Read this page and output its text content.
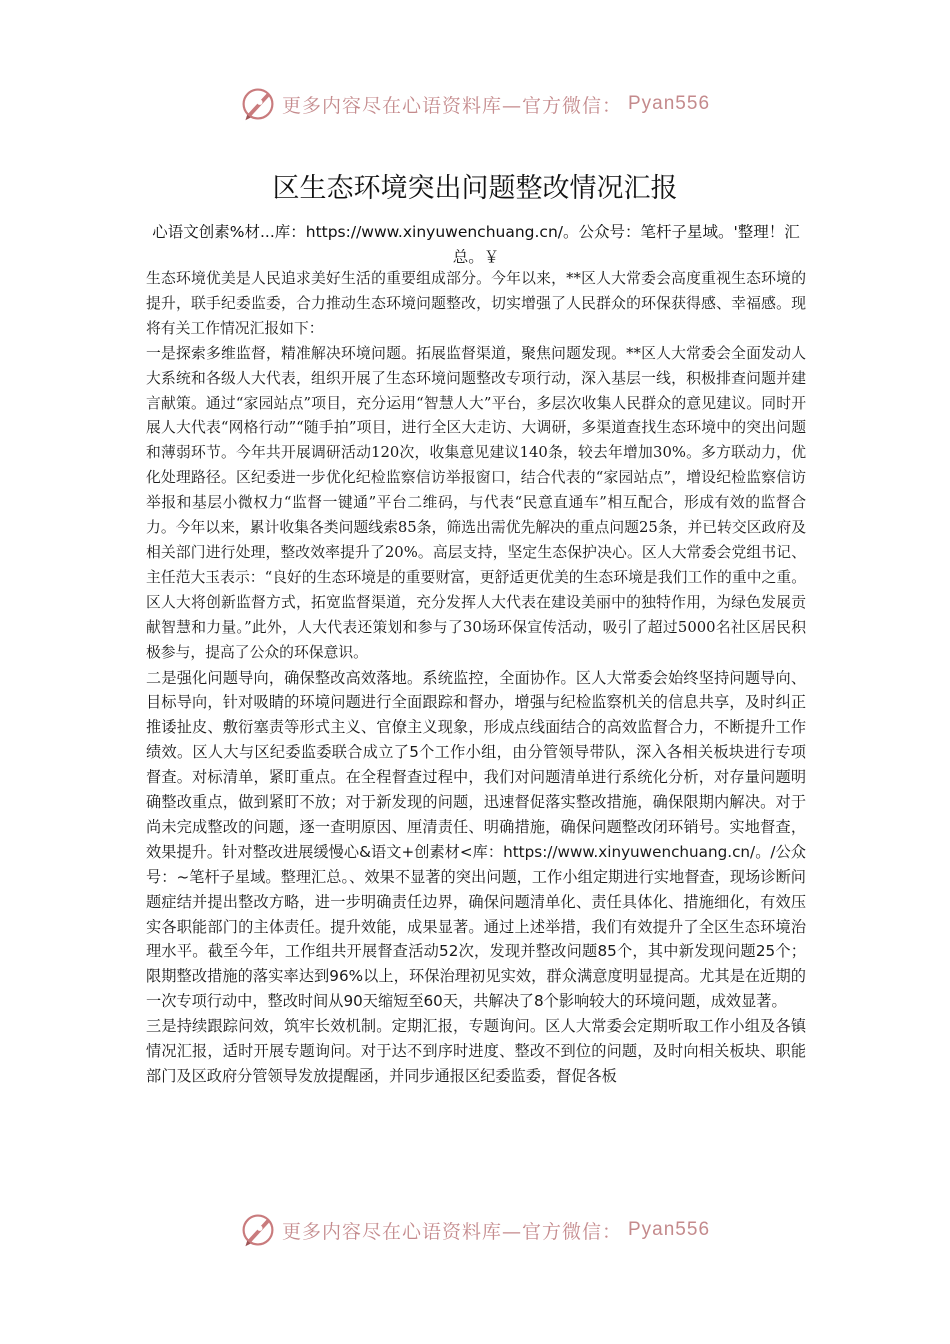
更多内容尽在心语资料库—官方微信： Pyan556
区生态环境突出问题整改情况汇报
心语文创素%材...库：https://www.xinyuwenchuang.cn/。公众号：笔杆子星域。'整理！汇总。￥

生态环境优美是人民追求美好生活的重要组成部分。今年以来，**区人大常委会高度重视生态环境的提升，联手纪委监委，合力推动生态环境问题整改，切实增强了人民群众的环保获得感、幸福感。现将有关工作情况汇报如下：

一是探索多维监督，精准解决环境问题。拓展监督渠道，聚焦问题发现。**区人大常委会全面发动人大系统和各级人大代表，组织开展了生态环境问题整改专项行动，深入基层一线，积极排查问题并建言献策。通过“家园站点”项目，充分运用“智慧人大”平台，多层次收集人民群众的意见建议。同时开展人大代表“网格行动”“随手拍”项目，进行全区大走访、大调研，多渠道查找生态环境中的突出问题和薄弱环节。今年共开展调研活动120次，收集意见建议140条，较去年增加30%。多方联动力，优化处理路径。区纪委进一步优化纪检监察信访举报窗口，结合代表的“家园站点”，增设纪检监察信访举报和基层小微权力“监督一键通”平台二维码，与代表“民意直通车”相互配合，形成有效的监督合力。今年以来，累计收集各类问题线索85条，筛选出需优先解决的重点问题25条，并已转交区政府及相关部门进行处理，整改效率提升了20%。高层支持，坚定生态保护决心。区人大常委会党组书记、主任范大玉表示：“良好的生态环境是的重要财富，更舒适更优美的生态环境是我们工作的重中之重。区人大将创新监督方式，拓宽监督渠道，充分发挥人大代表在建设美丽中的独特作用，为绿色发展贡献智慧和力量。”此外，人大代表还策划和参与了30场环保宣传活动，吸引了超过5000名社区居民积极参与，提高了公众的环保意识。

二是强化问题导向，确保整改高效落地。系统监控，全面协作。区人大常委会始终坚持问题导向、目标导向，针对吸睛的环境问题进行全面跟踪和督办，增强与纪检监察机关的信息共享，及时纠正推诿扯皮、敷衍塞责等形式主义、官僚主义现象，形成点线面结合的高效监督合力，不断提升工作绩效。区人大与区纪委监委联合成立了5个工作小组，由分管领导带队，深入各相关板块进行专项督查。对标清单，紧盯重点。在全程督查过程中，我们对问题清单进行系统化分析，对存量问题明确整改重点，做到紧盯不放；对于新发现的问题，迅速督促落实整改措施，确保限期内解决。对于尚未完成整改的问题，逐一查明原因、厘清责任、明确措施，确保问题整改闭环销号。实地督查，效果提升。针对整改进展缓慢心&语文+创素材<库：https://www.xinyuwenchuang.cn/。/公众号：~笔杆子星域。整理汇总。、效果不显著的突出问题，工作小组定期进行实地督查，现场诊断问题症结并提出整改方略，进一步明确责任边界，确保问题清单化、责任具体化、措施细化，有效压实各职能部门的主体责任。提升效能，成果显著。通过上述举措，我们有效提升了全区生态环境治理水平。截至今年，工作组共开展督查活动52次，发现并整改问题85个，其中新发现问题25个；限期整改措施的落实率达到96%以上，环保治理初见实效，群众满意度明显提高。尤其是在近期的一次专项行动中，整改时间从90天缩短至60天，共解决了8个影响较大的环境问题，成效显著。

三是持续跟踪问效，筑牢长效机制。定期汇报，专题询问。区人大常委会定期听取工作小组及各镇情况汇报，适时开展专题询问。对于达不到序时进度、整改不到位的问题，及时向相关板块、职能部门及区政府分管领导发放提醒函，并同步通报区纪委监委，督促各板

更多内容尽在心语资料库—官方微信： Pyan556
